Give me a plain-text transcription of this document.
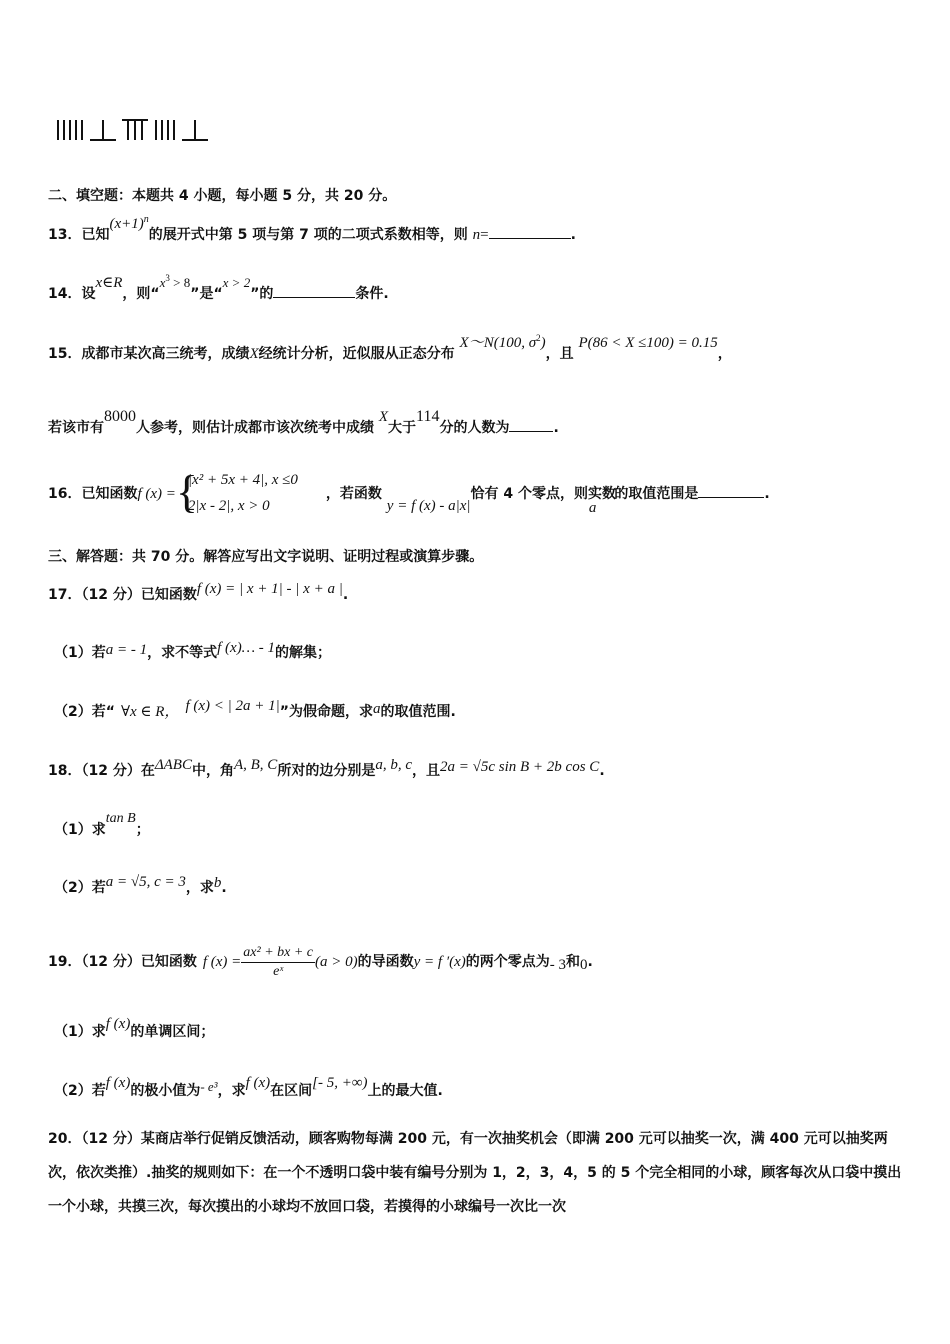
二、填空题：本题共 4 小题，每小题 5 分，共 20 分。
13．已知$(x+1)^n$的展开式中第 5 项与第 7 项的二项式系数相等，则 n=	.
14．设x∈R，则“$x^3 > 8$”是“x > 2”的	条件.
15．成都市某次高三统考，成绩X经统计分析，近似服从正态分布 X～N(100, $\sigma^2$)，且 P(86 < X ≤100) = 0.15，
若该市有8000人参考，则估计成都市该次统考中成绩 X大于114分的人数为	.
16．已知函数f (x) = {
|x² + 5x + 4|, x ≤0
2|x - 2|, x > 0
，若函数 y = f (x) - a|x|恰有 4 个零点，则实数 a的取值范围是	.
三、解答题：共 70 分。解答应写出文字说明、证明过程或演算步骤。
17．（12 分）已知函数f (x) = | x + 1| - | x + a |.
（1）若a = - 1，求不等式f (x)… - 1的解集；
（2）若“ ∀x ∈ R， f (x) < | 2a + 1|”为假命题，求a的取值范围.
18．（12 分）在ΔABC中，角A, B, C所对的边分别是a, b, c，且2a = √5c sin B + 2b cos C.
（1）求tan B；
（2）若a = √5, c = 3，求b.
19．（12 分）已知函数 f $(x) = \frac{\text{ax² + bx + c}}{\text{eˣ}} (a > 0)$的导函数y = f ′(x)的两个零点为- 3和0.
（1）求f (x)的单调区间；
（2）若f (x)的极小值为- e³，求f (x)在区间[- 5, +∞)上的最大值.
20．（12 分）某商店举行促销反馈活动，顾客购物每满 200 元，有一次抽奖机会（即满 200 元可以抽奖一次，满 400 元可以抽奖两次，依次类推）.抽奖的规则如下：在一个不透明口袋中装有编号分别为 1，2，3，4，5 的 5 个完全相同的小球，顾客每次从口袋中摸出一个小球，共摸三次，每次摸出的小球均不放回口袋，若摸得的小球编号一次比一次
